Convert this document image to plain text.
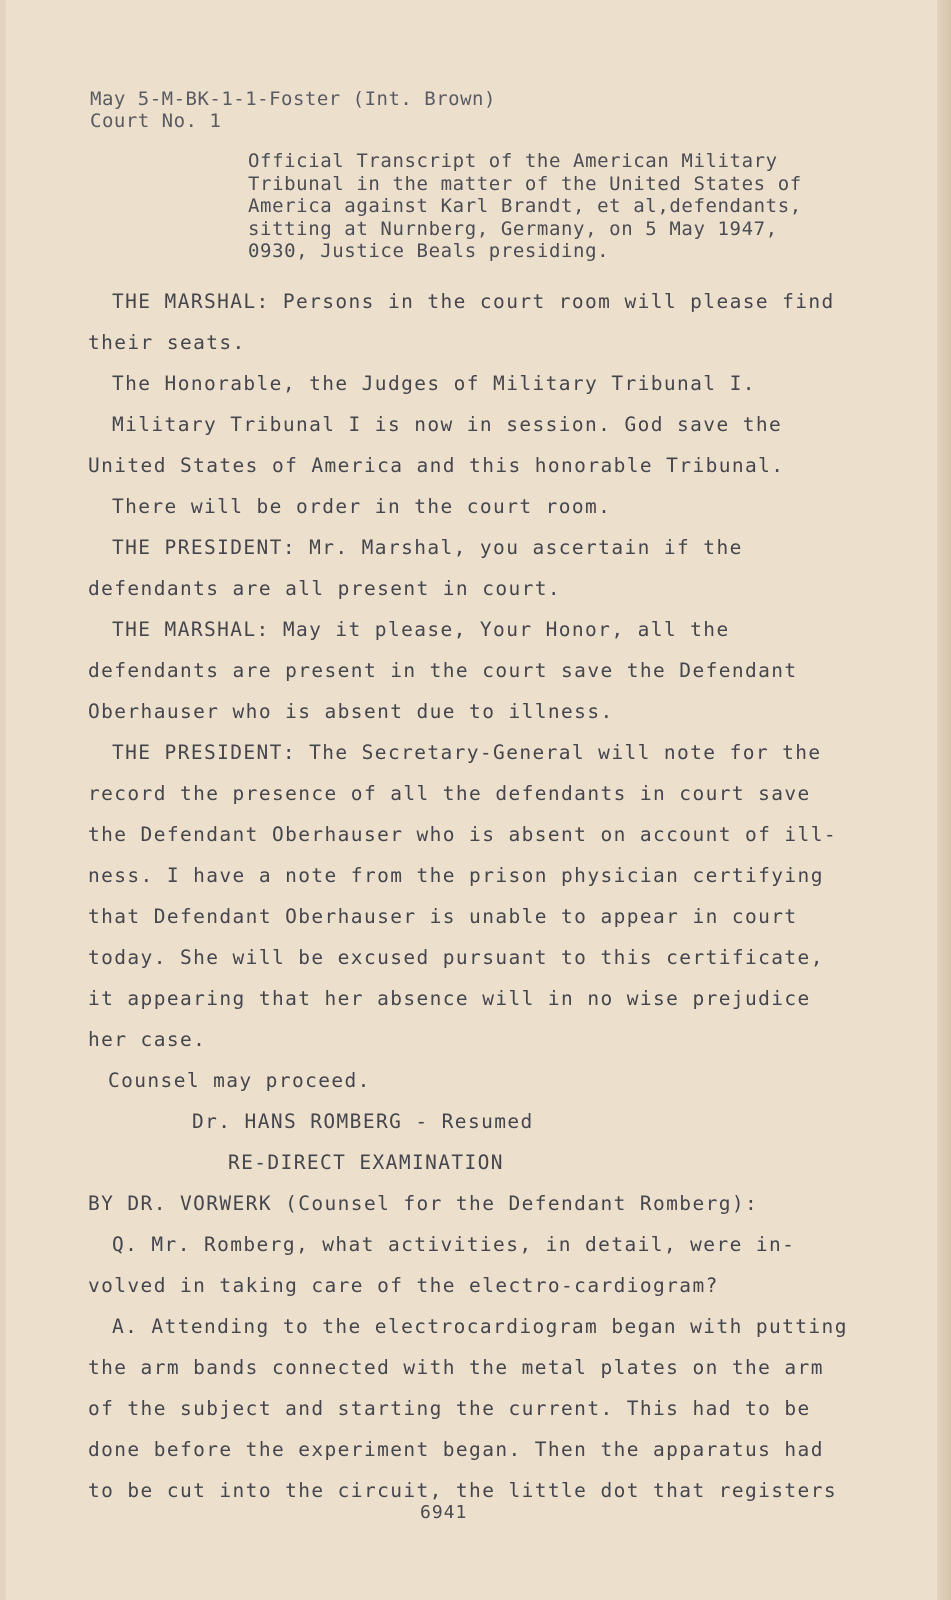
May 5-M-BK-1-1-Foster (Int. Brown)
Court No. 1
Official Transcript of the American Military
Tribunal in the matter of the United States of
America against Karl Brandt, et al,defendants,
sitting at Nurnberg, Germany, on 5 May 1947,
0930, Justice Beals presiding.
THE MARSHAL: Persons in the court room will please find
their seats.
The Honorable, the Judges of Military Tribunal I.
Military Tribunal I is now in session. God save the
United States of America and this honorable Tribunal.
There will be order in the court room.
THE PRESIDENT: Mr. Marshal, you ascertain if the
defendants are all present in court.
THE MARSHAL: May it please, Your Honor, all the
defendants are present in the court save the Defendant
Oberhauser who is absent due to illness.
THE PRESIDENT: The Secretary-General will note for the
record the presence of all the defendants in court save
the Defendant Oberhauser who is absent on account of ill-
ness. I have a note from the prison physician certifying
that Defendant Oberhauser is unable to appear in court
today. She will be excused pursuant to this certificate,
it appearing that her absence will in no wise prejudice
her case.
Counsel may proceed.
Dr. HANS ROMBERG - Resumed
RE-DIRECT EXAMINATION
BY DR. VORWERK (Counsel for the Defendant Romberg):
Q. Mr. Romberg, what activities, in detail, were in-
volved in taking care of the electro-cardiogram?
A. Attending to the electrocardiogram began with putting
the arm bands connected with the metal plates on the arm
of the subject and starting the current. This had to be
done before the experiment began. Then the apparatus had
to be cut into the circuit, the little dot that registers
6941
